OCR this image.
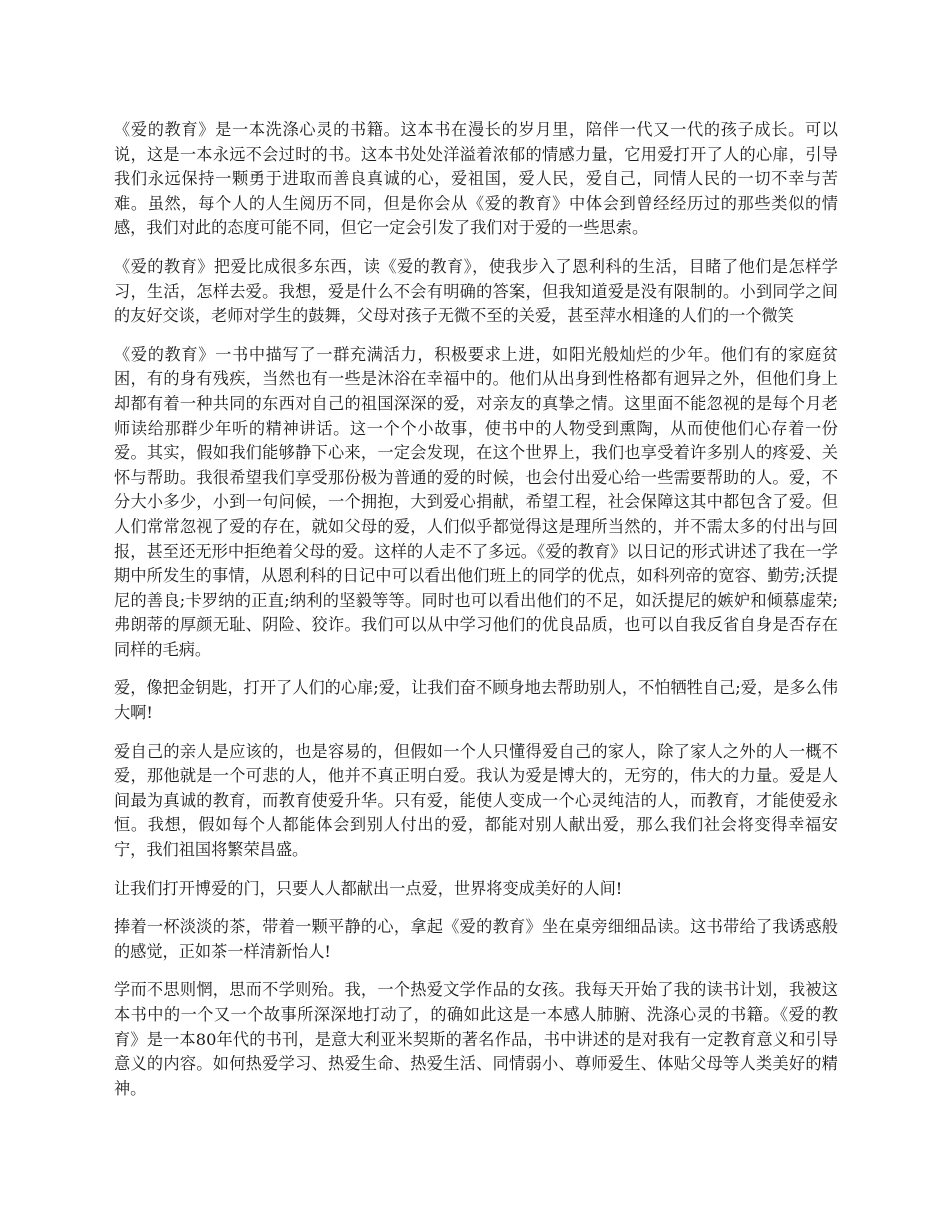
《爱的教育》是一本洗涤心灵的书籍。这本书在漫长的岁月里，陪伴一代又一代的孩子成长。可以说，这是一本永远不会过时的书。这本书处处洋溢着浓郁的情感力量，它用爱打开了人的心扉，引导我们永远保持一颗勇于进取而善良真诚的心，爱祖国，爱人民，爱自己，同情人民的一切不幸与苦难。虽然，每个人的人生阅历不同，但是你会从《爱的教育》中体会到曾经经历过的那些类似的情感，我们对此的态度可能不同，但它一定会引发了我们对于爱的一些思索。

《爱的教育》把爱比成很多东西，读《爱的教育》，使我步入了恩利科的生活，目睹了他们是怎样学习，生活，怎样去爱。我想，爱是什么不会有明确的答案，但我知道爱是没有限制的。小到同学之间的友好交谈，老师对学生的鼓舞，父母对孩子无微不至的关爱，甚至萍水相逢的人们的一个微笑

《爱的教育》一书中描写了一群充满活力，积极要求上进，如阳光般灿烂的少年。他们有的家庭贫困，有的身有残疾，当然也有一些是沐浴在幸福中的。他们从出身到性格都有迥异之外，但他们身上却都有着一种共同的东西对自己的祖国深深的爱，对亲友的真挚之情。这里面不能忽视的是每个月老师读给那群少年听的精神讲话。这一个个小故事，使书中的人物受到熏陶，从而使他们心存着一份爱。其实，假如我们能够静下心来，一定会发现，在这个世界上，我们也享受着许多别人的疼爱、关怀与帮助。我很希望我们享受那份极为普通的爱的时候，也会付出爱心给一些需要帮助的人。爱，不分大小多少，小到一句问候，一个拥抱，大到爱心捐献，希望工程，社会保障这其中都包含了爱。但人们常常忽视了爱的存在，就如父母的爱，人们似乎都觉得这是理所当然的，并不需太多的付出与回报，甚至还无形中拒绝着父母的爱。这样的人走不了多远。《爱的教育》以日记的形式讲述了我在一学期中所发生的事情，从恩利科的日记中可以看出他们班上的同学的优点，如科列帝的宽容、勤劳;沃提尼的善良;卡罗纳的正直;纳利的坚毅等等。同时也可以看出他们的不足，如沃提尼的嫉妒和倾慕虚荣;弗朗蒂的厚颜无耻、阴险、狡诈。我们可以从中学习他们的优良品质，也可以自我反省自身是否存在同样的毛病。

爱，像把金钥匙，打开了人们的心扉;爱，让我们奋不顾身地去帮助别人，不怕牺牲自己;爱，是多么伟大啊!

爱自己的亲人是应该的，也是容易的，但假如一个人只懂得爱自己的家人，除了家人之外的人一概不爱，那他就是一个可悲的人，他并不真正明白爱。我认为爱是博大的，无穷的，伟大的力量。爱是人间最为真诚的教育，而教育使爱升华。只有爱，能使人变成一个心灵纯洁的人，而教育，才能使爱永恒。我想，假如每个人都能体会到别人付出的爱，都能对别人献出爱，那么我们社会将变得幸福安宁，我们祖国将繁荣昌盛。

让我们打开博爱的门，只要人人都献出一点爱，世界将变成美好的人间!

捧着一杯淡淡的茶，带着一颗平静的心，拿起《爱的教育》坐在桌旁细细品读。这书带给了我诱惑般的感觉，正如茶一样清新怡人!

学而不思则惘，思而不学则殆。我，一个热爱文学作品的女孩。我每天开始了我的读书计划，我被这本书中的一个又一个故事所深深地打动了，的确如此这是一本感人肺腑、洗涤心灵的书籍。《爱的教育》是一本80年代的书刊，是意大利亚米契斯的著名作品，书中讲述的是对我有一定教育意义和引导意义的内容。如何热爱学习、热爱生命、热爱生活、同情弱小、尊师爱生、体贴父母等人类美好的精神。
